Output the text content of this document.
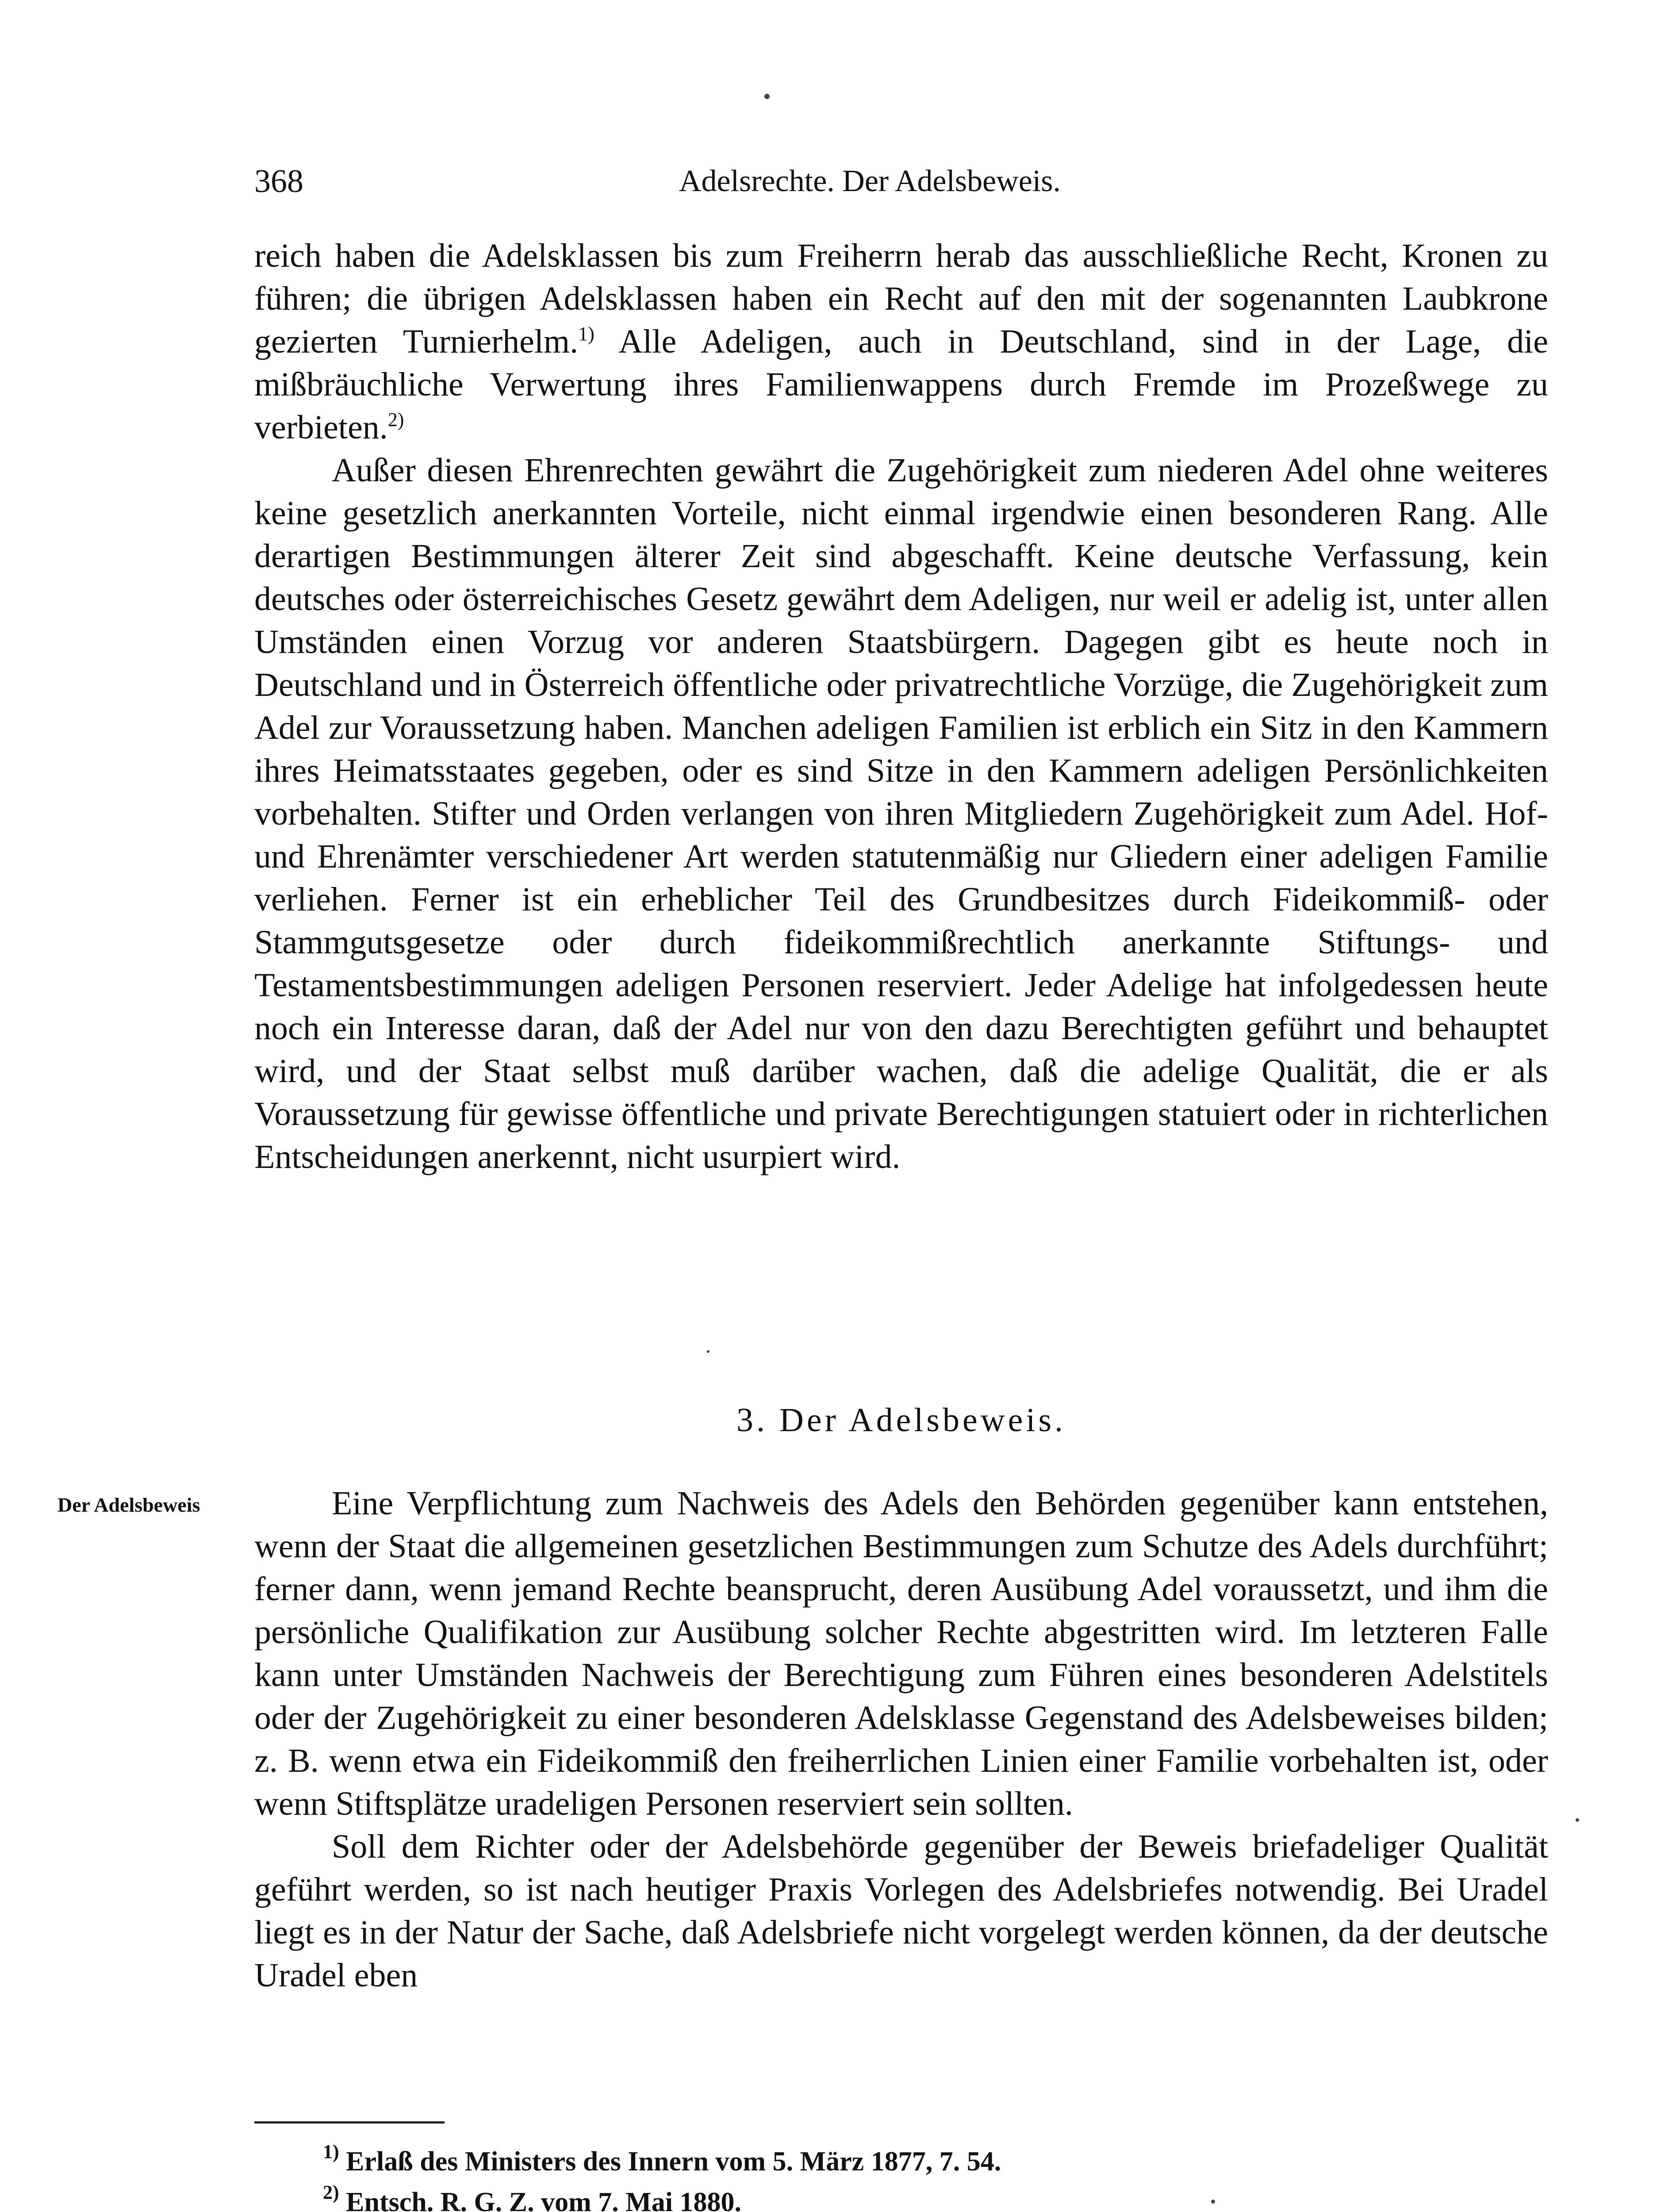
368	Adelsrechte. Der Adelsbeweis.

reich haben die Adelsklassen bis zum Freiherrn herab das ausschließliche Recht, Kronen zu führen; die übrigen Adelsklassen haben ein Recht auf den mit der sogenannten Laubkrone gezierten Turnierhelm.$^{1)}$ Alle Adeligen, auch in Deutschland, sind in der Lage, die mißbräuchliche Verwertung ihres Familienwappens durch Fremde im Prozeßwege zu verbieten.$^{2)}$

Außer diesen Ehrenrechten gewährt die Zugehörigkeit zum niederen Adel ohne weiteres keine gesetzlich anerkannten Vorteile, nicht einmal irgendwie einen besonderen Rang. Alle derartigen Bestimmungen älterer Zeit sind abgeschafft. Keine deutsche Verfassung, kein deutsches oder österreichisches Gesetz gewährt dem Adeligen, nur weil er adelig ist, unter allen Umständen einen Vorzug vor anderen Staatsbürgern. Dagegen gibt es heute noch in Deutschland und in Österreich öffentliche oder privatrechtliche Vorzüge, die Zugehörigkeit zum Adel zur Voraussetzung haben. Manchen adeligen Familien ist erblich ein Sitz in den Kammern ihres Heimatsstaates gegeben, oder es sind Sitze in den Kammern adeligen Persönlichkeiten vorbehalten. Stifter und Orden verlangen von ihren Mitgliedern Zugehörigkeit zum Adel. Hof- und Ehrenämter verschiedener Art werden statutenmäßig nur Gliedern einer adeligen Familie verliehen. Ferner ist ein erheblicher Teil des Grundbesitzes durch Fideikommiß- oder Stammgutsgesetze oder durch fideikommißrechtlich anerkannte Stiftungs- und Testamentsbestimmungen adeligen Personen reserviert. Jeder Adelige hat infolgedessen heute noch ein Interesse daran, daß der Adel nur von den dazu Berechtigten geführt und behauptet wird, und der Staat selbst muß darüber wachen, daß die adelige Qualität, die er als Voraussetzung für gewisse öffentliche und private Berechtigungen statuiert oder in richterlichen Entscheidungen anerkennt, nicht usurpiert wird.

3. Der Adelsbeweis.
Der Adelsbeweis	Eine Verpflichtung zum Nachweis des Adels den Behörden gegenüber kann entstehen, wenn der Staat die allgemeinen gesetzlichen Bestimmungen zum Schutze des Adels durchführt; ferner dann, wenn jemand Rechte beansprucht, deren Ausübung Adel voraussetzt, und ihm die persönliche Qualifikation zur Ausübung solcher Rechte abgestritten wird. Im letzteren Falle kann unter Umständen Nachweis der Berechtigung zum Führen eines besonderen Adelstitels oder der Zugehörigkeit zu einer besonderen Adelsklasse Gegenstand des Adelsbeweises bilden; z. B. wenn etwa ein Fideikommiß den freiherrlichen Linien einer Familie vorbehalten ist, oder wenn Stiftsplätze uradeligen Personen reserviert sein sollten.

Soll dem Richter oder der Adelsbehörde gegenüber der Beweis briefadeliger Qualität geführt werden, so ist nach heutiger Praxis Vorlegen des Adelsbriefes notwendig. Bei Uradel liegt es in der Natur der Sache, daß Adelsbriefe nicht vorgelegt werden können, da der deutsche Uradel eben

$^{1)}$ Erlaß des Ministers des Innern vom 5. März 1877, 7. 54.

$^{2)}$ Entsch. R. G. Z. vom 7. Mai 1880.
